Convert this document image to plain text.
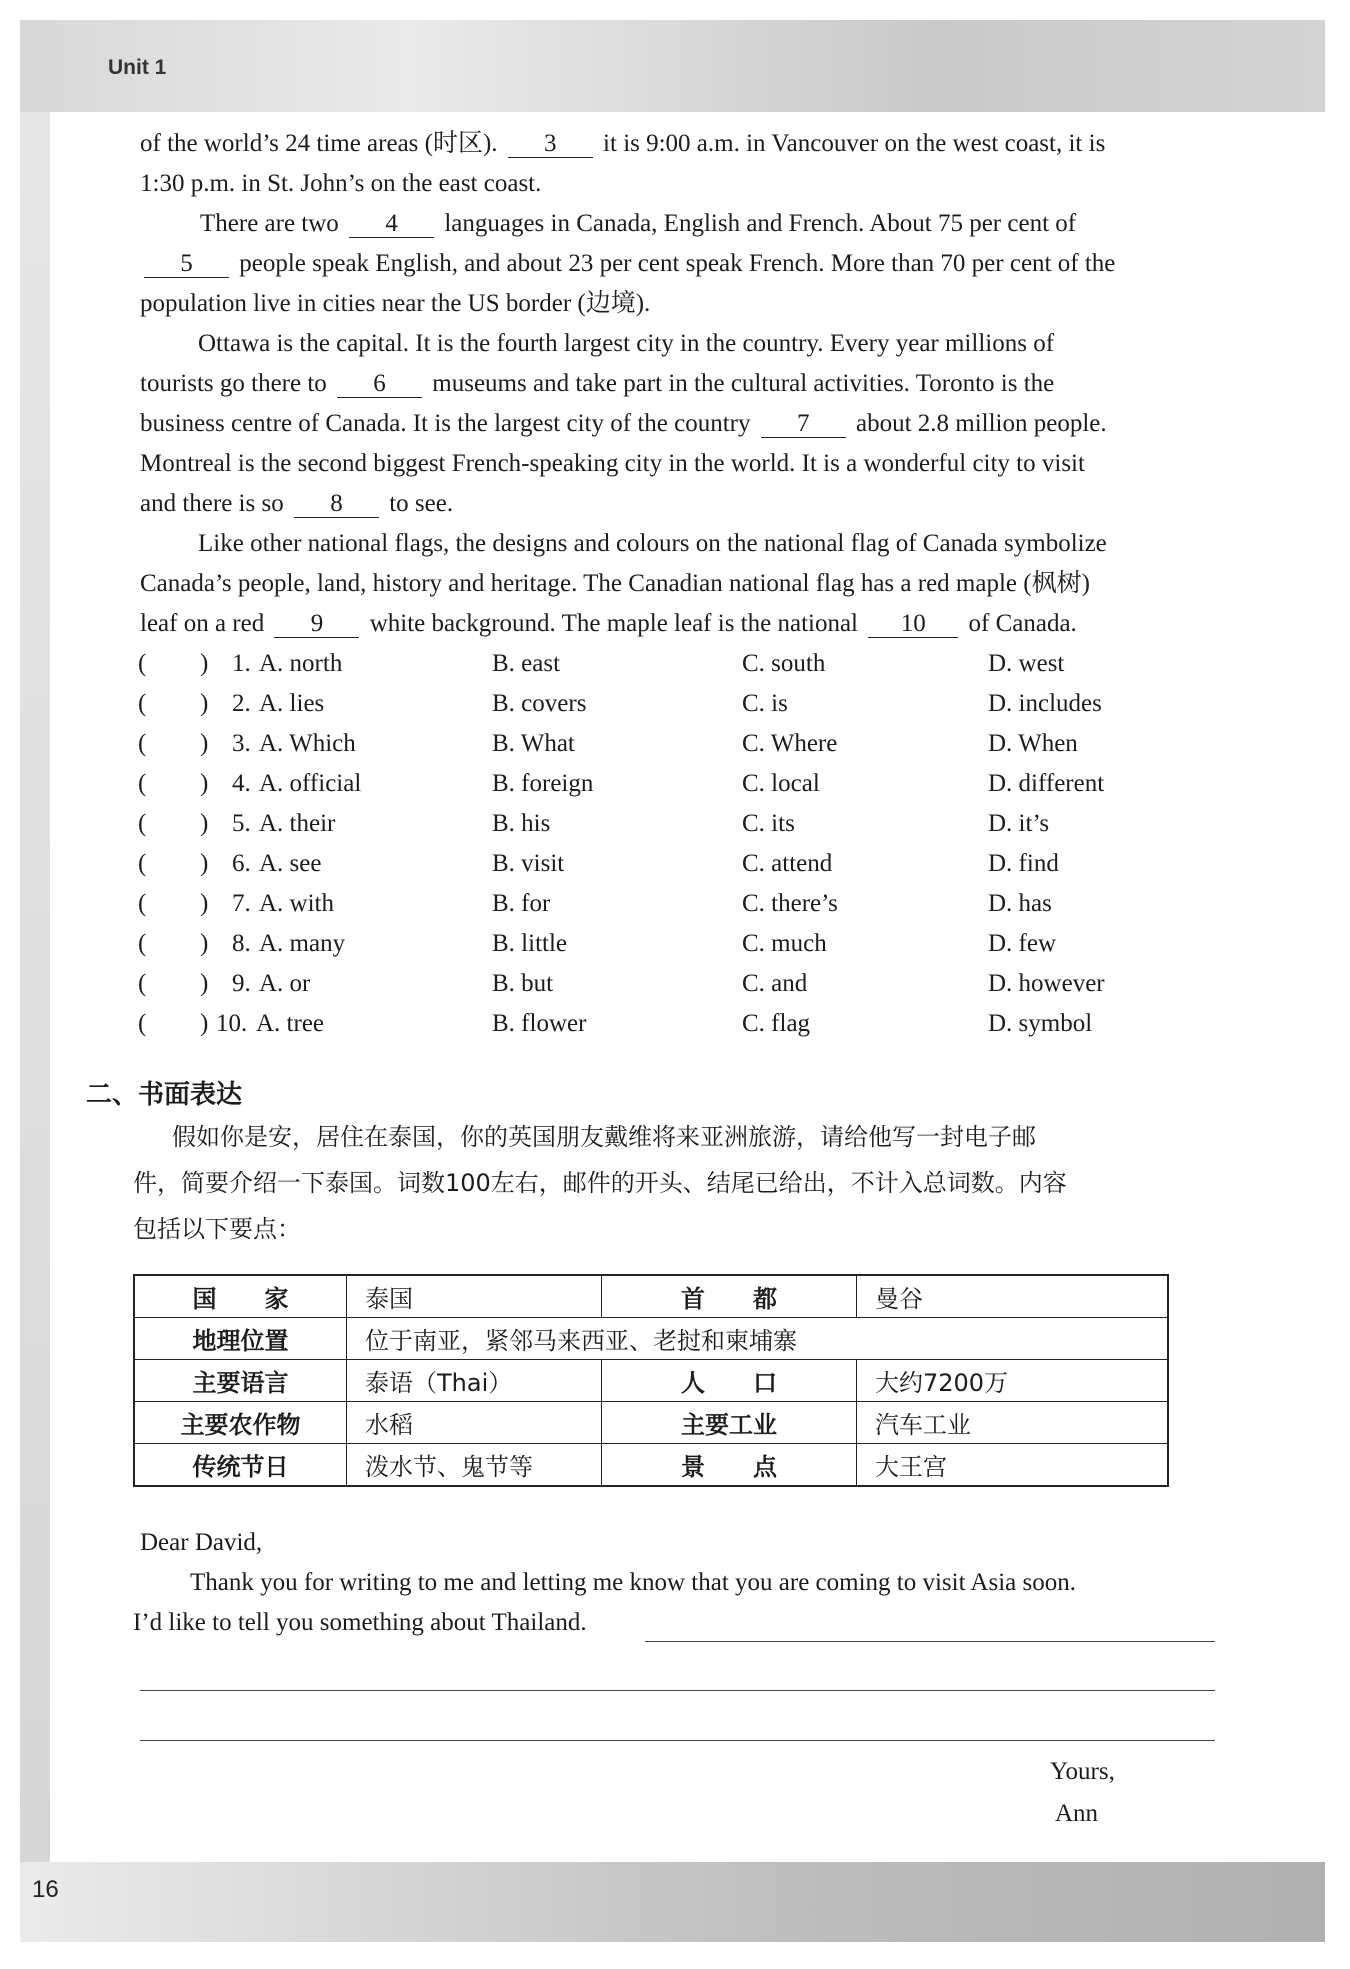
Unit 1
16
of the world’s 24 time areas (时区). 3 it is 9:00 a.m. in Vancouver on the west coast, it is
1:30 p.m. in St. John’s on the east coast.
There are two 4 languages in Canada, English and French. About 75 per cent of
5 people speak English, and about 23 per cent speak French. More than 70 per cent of the
population live in cities near the US border (边境).
Ottawa is the capital. It is the fourth largest city in the country. Every year millions of
tourists go there to 6 museums and take part in the cultural activities. Toronto is the
business centre of Canada. It is the largest city of the country 7 about 2.8 million people.
Montreal is the second biggest French-speaking city in the world. It is a wonderful city to visit
and there is so 8 to see.
Like other national flags, the designs and colours on the national flag of Canada symbolize
Canada’s people, land, history and heritage. The Canadian national flag has a red maple (枫树)
leaf on a red 9 white background. The maple leaf is the national 10 of Canada.
( ) 1. A. north	B. east	C. south	D. west
( ) 2. A. lies	B. covers	C. is	D. includes
( ) 3. A. Which	B. What	C. Where	D. When
( ) 4. A. official	B. foreign	C. local	D. different
( ) 5. A. their	B. his	C. its	D. it’s
( ) 6. A. see	B. visit	C. attend	D. find
( ) 7. A. with	B. for	C. there’s	D. has
( ) 8. A. many	B. little	C. much	D. few
( ) 9. A. or	B. but	C. and	D. however
( ) 10. A. tree	B. flower	C. flag	D. symbol
二、书面表达
假如你是安，居住在泰国，你的英国朋友戴维将来亚洲旅游，请给他写一封电子邮
件，简要介绍一下泰国。词数100左右，邮件的开头、结尾已给出，不计入总词数。内容
包括以下要点：
国　　家	泰国	首　　都	曼谷
地理位置	位于南亚，紧邻马来西亚、老挝和柬埔寨		
主要语言	泰语（Thai）	人　　口	大约7200万
主要农作物	水稻	主要工业	汽车工业
传统节日	泼水节、鬼节等	景　　点	大王宫
Dear David,
Thank you for writing to me and letting me know that you are coming to visit Asia soon.
I’d like to tell you something about Thailand.
Yours,
Ann
